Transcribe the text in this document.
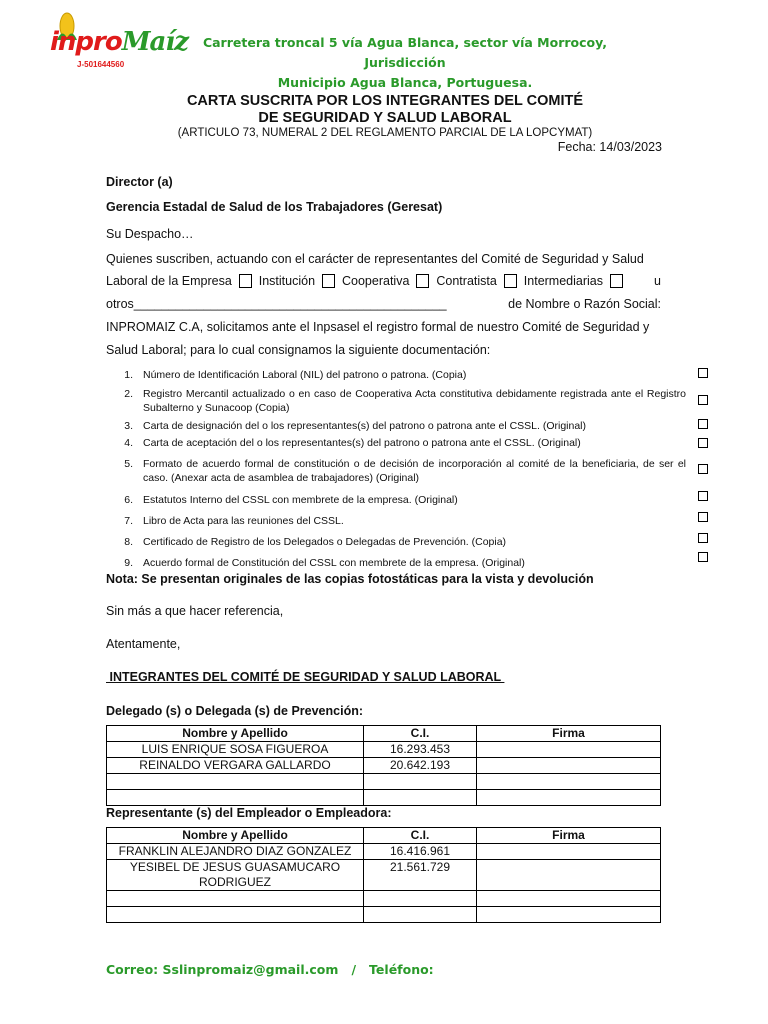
inproMaíz
J-501644560
Carretera troncal 5 vía Agua Blanca, sector vía Morrocoy, Jurisdicción
Municipio Agua Blanca, Portuguesa.
CARTA SUSCRITA POR LOS INTEGRANTES DEL COMITÉ
DE SEGURIDAD Y SALUD LABORAL
(ARTICULO 73, NUMERAL 2 DEL REGLAMENTO PARCIAL DE LA LOPCYMAT)
Fecha: 14/03/2023
Director (a)
Gerencia Estadal de Salud de los Trabajadores (Geresat)
Su Despacho…
Quienes suscriben, actuando con el carácter de representantes del Comité de Seguridad y Salud
Laboral de la Empresa Institución Cooperativa Contratista Intermediarias	u
otros_____________________________________________	de Nombre o Razón Social:
INPROMAIZ C.A, solicitamos ante el Inpsasel el registro formal de nuestro Comité de Seguridad y
Salud Laboral; para lo cual consignamos la siguiente documentación:
1. Número de Identificación Laboral (NIL) del patrono o patrona. (Copia)
2. Registro Mercantil actualizado o en caso de Cooperativa Acta constitutiva debidamente registrada ante el Registro Subalterno y Sunacoop (Copia)
3. Carta de designación del o los representantes(s) del patrono o patrona ante el CSSL. (Original)
4. Carta de aceptación del o los representantes(s) del patrono o patrona ante el CSSL. (Original)
5. Formato de acuerdo formal de constitución o de decisión de incorporación al comité de la beneficiaria, de ser el caso. (Anexar acta de asamblea de trabajadores) (Original)
6. Estatutos Interno del CSSL con membrete de la empresa. (Original)
7. Libro de Acta para las reuniones del CSSL.
8. Certificado de Registro de los Delegados o Delegadas de Prevención. (Copia)
9. Acuerdo formal de Constitución del CSSL con membrete de la empresa. (Original)
Nota: Se presentan originales de las copias fotostáticas para la vista y devolución
Sin más a que hacer referencia,
Atentamente,
INTEGRANTES DEL COMITÉ DE SEGURIDAD Y SALUD LABORAL
Delegado (s) o Delegada (s) de Prevención:
Nombre y Apellido	C.I.	Firma
LUIS ENRIQUE SOSA FIGUEROA	16.293.453	
REINALDO VERGARA GALLARDO	20.642.193	

Representante (s) del Empleador o Empleadora:
Nombre y Apellido	C.I.	Firma
FRANKLIN ALEJANDRO DIAZ GONZALEZ	16.416.961	
YESIBEL DE JESUS GUASAMUCARO RODRIGUEZ	21.561.729	

Correo: Sslinpromaiz@gmail.com   /   Teléfono:
